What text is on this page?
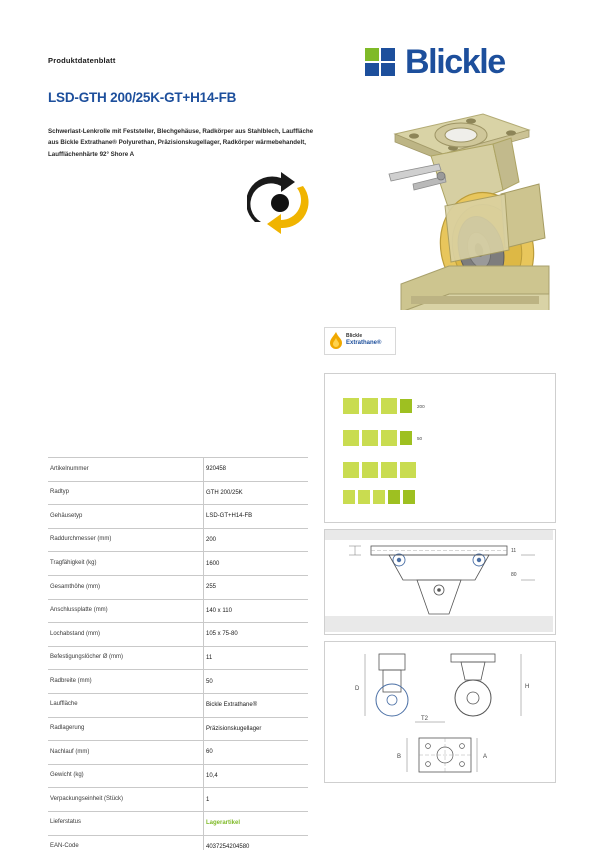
Produktdatenblatt
LSD-GTH 200/25K-GT+H14-FB
Schwerlast-Lenkrolle mit Feststeller, Blechgehäuse, Radkörper aus Stahlblech, Lauffläche aus Bickle Extrathane® Polyurethan, Präzisionskugellager, Radkörper wärmebehandelt, Laufflächenhärte 92° Shore A
Blickle
Blickle
Extrathane®
Artikelnummer	920458
Radtyp	GTH 200/25K
Gehäusetyp	LSD-GT+H14-FB
Raddurchmesser (mm)	200
Tragfähigkeit (kg)	1600
Gesamthöhe (mm)	255
Anschlussplatte (mm)	140 x 110
Lochabstand (mm)	105 x 75-80
Befestigungslöcher Ø (mm)	11
Radbreite (mm)	50
Lauffläche	Bickle Extrathane®
Radlagerung	Präzisionskugellager
Nachlauf (mm)	60
Gewicht (kg)	10,4
Verpackungseinheit (Stück)	1
Lieferstatus	Lagerartikel
EAN-Code	4037254204580
200
50
11
80
D	H
T2
B	A
